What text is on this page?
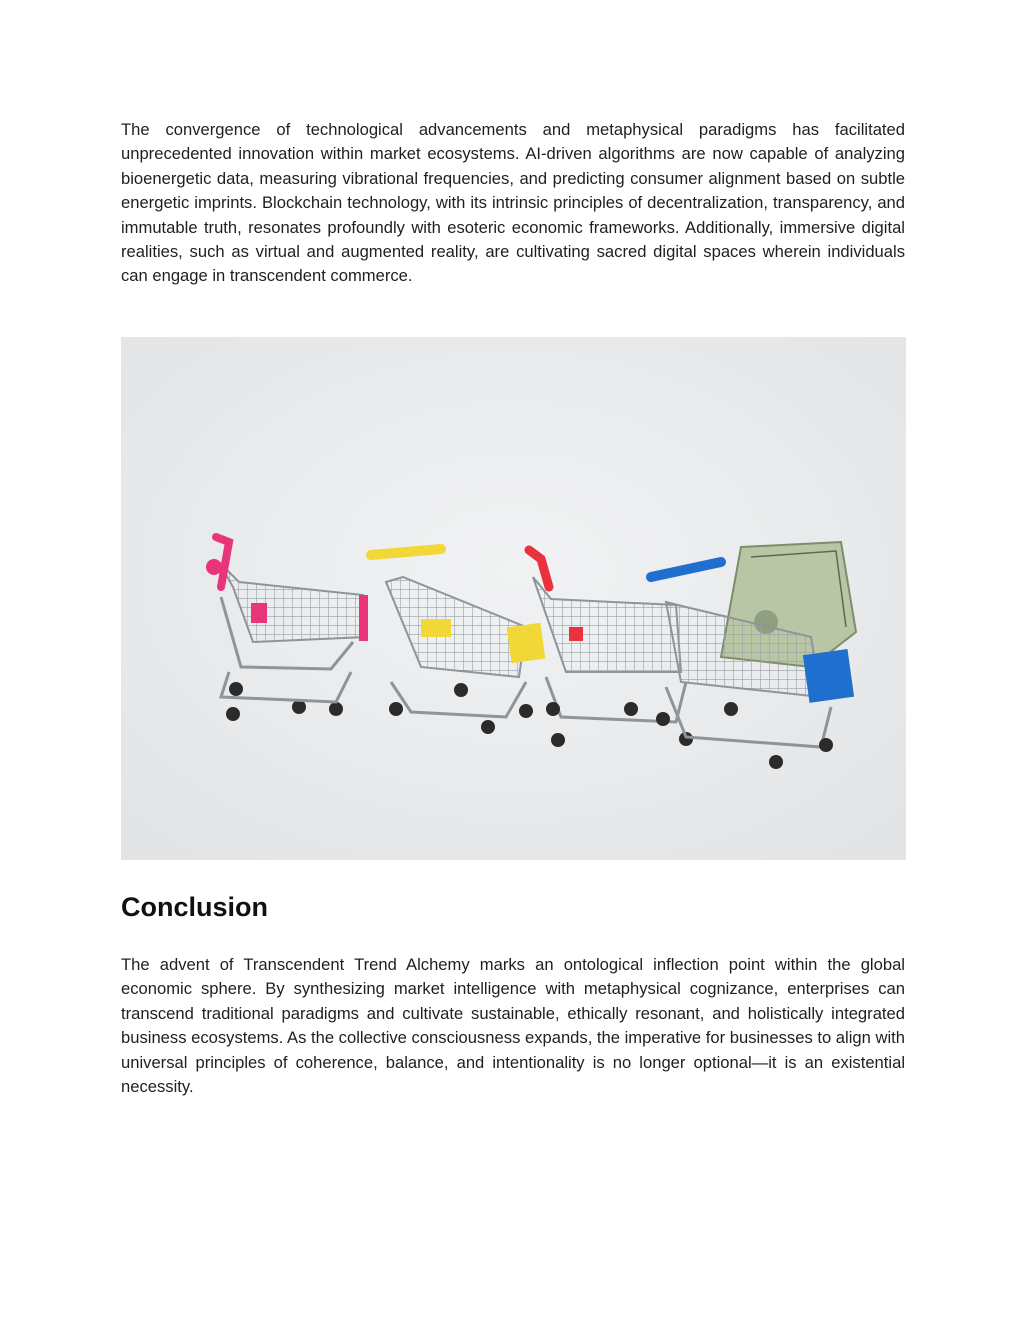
The convergence of technological advancements and metaphysical paradigms has facilitated unprecedented innovation within market ecosystems. AI-driven algorithms are now capable of analyzing bioenergetic data, measuring vibrational frequencies, and predicting consumer alignment based on subtle energetic imprints. Blockchain technology, with its intrinsic principles of decentralization, transparency, and immutable truth, resonates profoundly with esoteric economic frameworks. Additionally, immersive digital realities, such as virtual and augmented reality, are cultivating sacred digital spaces wherein individuals can engage in transcendent commerce.

Conclusion

The advent of Transcendent Trend Alchemy marks an ontological inflection point within the global economic sphere. By synthesizing market intelligence with metaphysical cognizance, enterprises can transcend traditional paradigms and cultivate sustainable, ethically resonant, and holistically integrated business ecosystems. As the collective consciousness expands, the imperative for businesses to align with universal principles of coherence, balance, and intentionality is no longer optional—it is an existential necessity.
